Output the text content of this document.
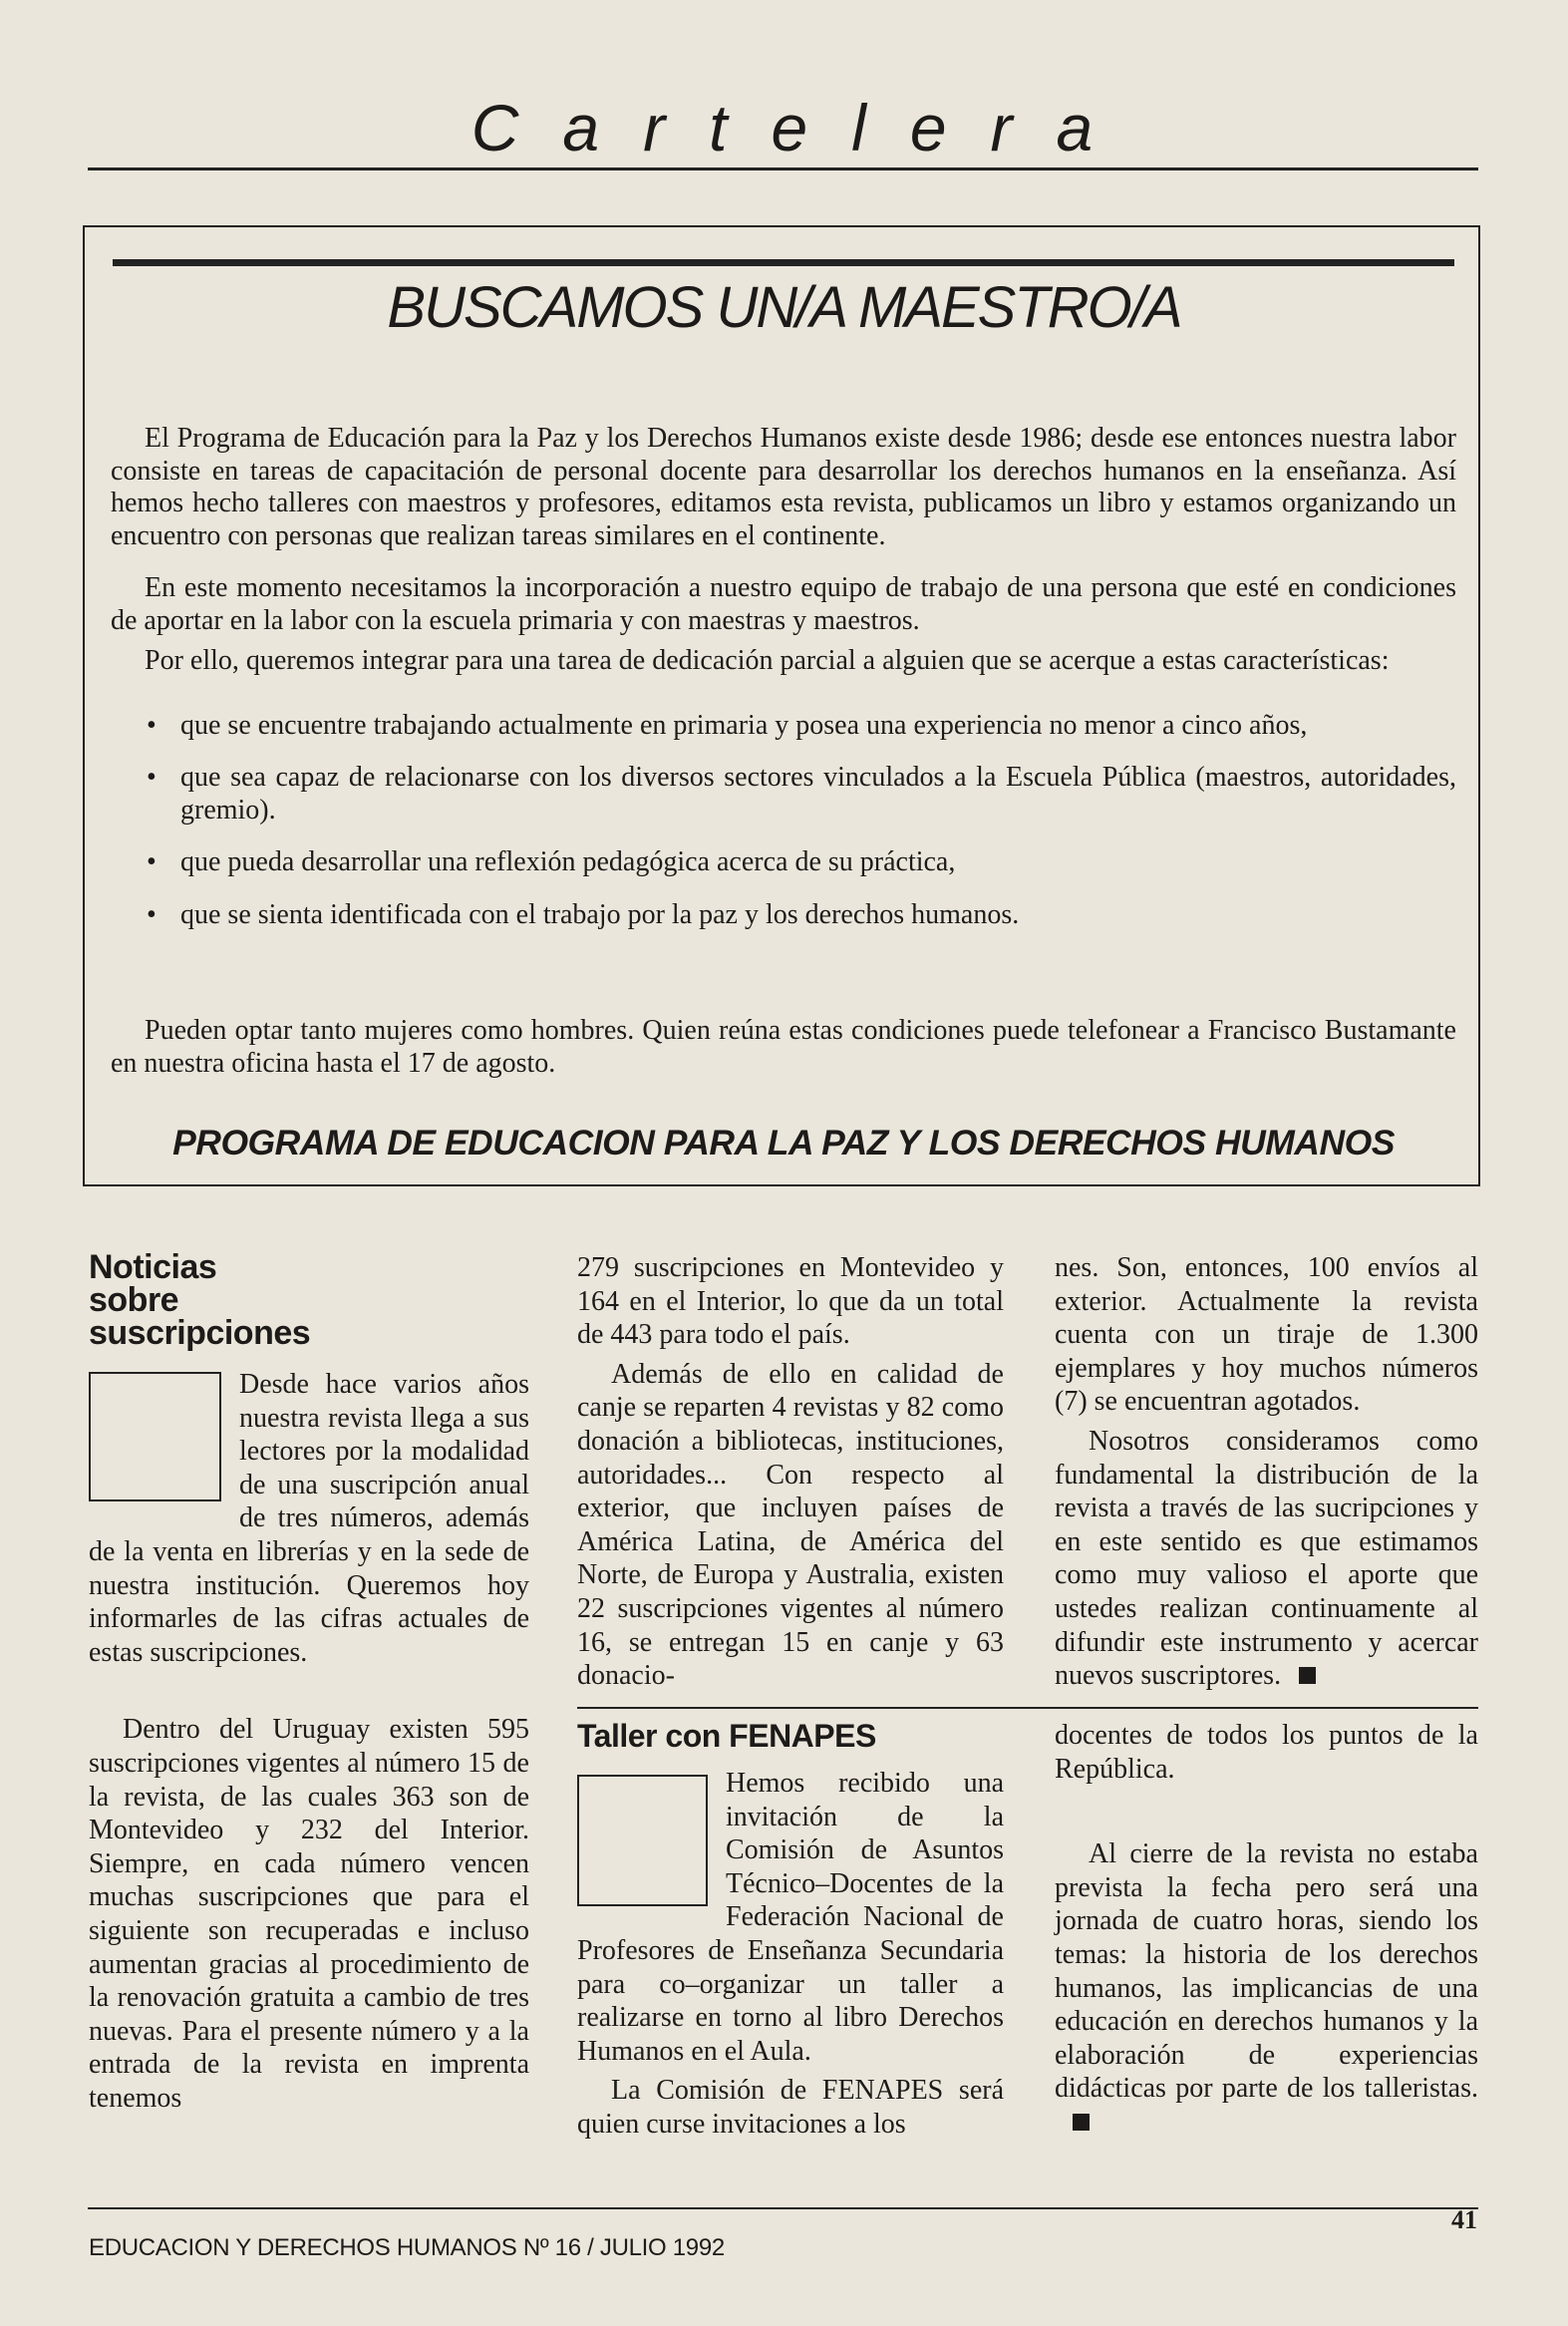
Cartelera
BUSCAMOS UN/A MAESTRO/A

El Programa de Educación para la Paz y los Derechos Humanos existe desde 1986; desde ese entonces nuestra labor consiste en tareas de capacitación de personal docente para desarrollar los derechos humanos en la enseñanza. Así hemos hecho talleres con maestros y profesores, editamos esta revista, publicamos un libro y estamos organizando un encuentro con personas que realizan tareas similares en el continente.

En este momento necesitamos la incorporación a nuestro equipo de trabajo de una persona que esté en condiciones de aportar en la labor con la escuela primaria y con maestras y maestros.

Por ello, queremos integrar para una tarea de dedicación parcial a alguien que se acerque a estas características:

• que se encuentre trabajando actualmente en primaria y posea una experiencia no menor a cinco años,
• que sea capaz de relacionarse con los diversos sectores vinculados a la Escuela Pública (maestros, autoridades, gremio).
• que pueda desarrollar una reflexión pedagógica acerca de su práctica,
• que se sienta identificada con el trabajo por la paz y los derechos humanos.
Pueden optar tanto mujeres como hombres. Quien reúna estas condiciones puede telefonear a Francisco Bustamante en nuestra oficina hasta el 17 de agosto.
PROGRAMA DE EDUCACION PARA LA PAZ Y LOS DERECHOS HUMANOS
Noticias
sobre
suscripciones

Desde hace varios años nuestra revista llega a sus lectores por la modalidad de una suscripción anual de tres números, además de la venta en librerías y en la sede de nuestra institución. Queremos hoy informarles de las cifras actuales de estas suscripciones.

Dentro del Uruguay existen 595 suscripciones vigentes al número 15 de la revista, de las cuales 363 son de Montevideo y 232 del Interior. Siempre, en cada número vencen muchas suscripciones que para el siguiente son recuperadas e incluso aumentan gracias al procedimiento de la renovación gratuita a cambio de tres nuevas. Para el presente número y a la entrada de la revista en imprenta tenemos

279 suscripciones en Montevideo y 164 en el Interior, lo que da un total de 443 para todo el país.

Además de ello en calidad de canje se reparten 4 revistas y 82 como donación a bibliotecas, instituciones, autoridades... Con respecto al exterior, que incluyen países de América Latina, de América del Norte, de Europa y Australia, existen 22 suscripciones vigentes al número 16, se entregan 15 en canje y 63 donacio-

nes. Son, entonces, 100 envíos al exterior. Actualmente la revista cuenta con un tiraje de 1.300 ejemplares y hoy muchos números (7) se encuentran agotados.

Nosotros consideramos como fundamental la distribución de la revista a través de las sucripciones y en este sentido es que estimamos como muy valioso el aporte que ustedes realizan continuamente al difundir este instrumento y acercar nuevos suscriptores.

Taller con FENAPES

Hemos recibido una invitación de la Comisión de Asuntos Técnico–Docentes de la Federación Nacional de Profesores de Enseñanza Secundaria para co–organizar un taller a realizarse en torno al libro Derechos Humanos en el Aula.

La Comisión de FENAPES será quien curse invitaciones a los

docentes de todos los puntos de la República.

Al cierre de la revista no estaba prevista la fecha pero será una jornada de cuatro horas, siendo los temas: la historia de los derechos humanos, las implicancias de una educación en derechos humanos y la elaboración de experiencias didácticas por parte de los talleristas.

EDUCACION Y DERECHOS HUMANOS Nº 16 / JULIO 1992
41
